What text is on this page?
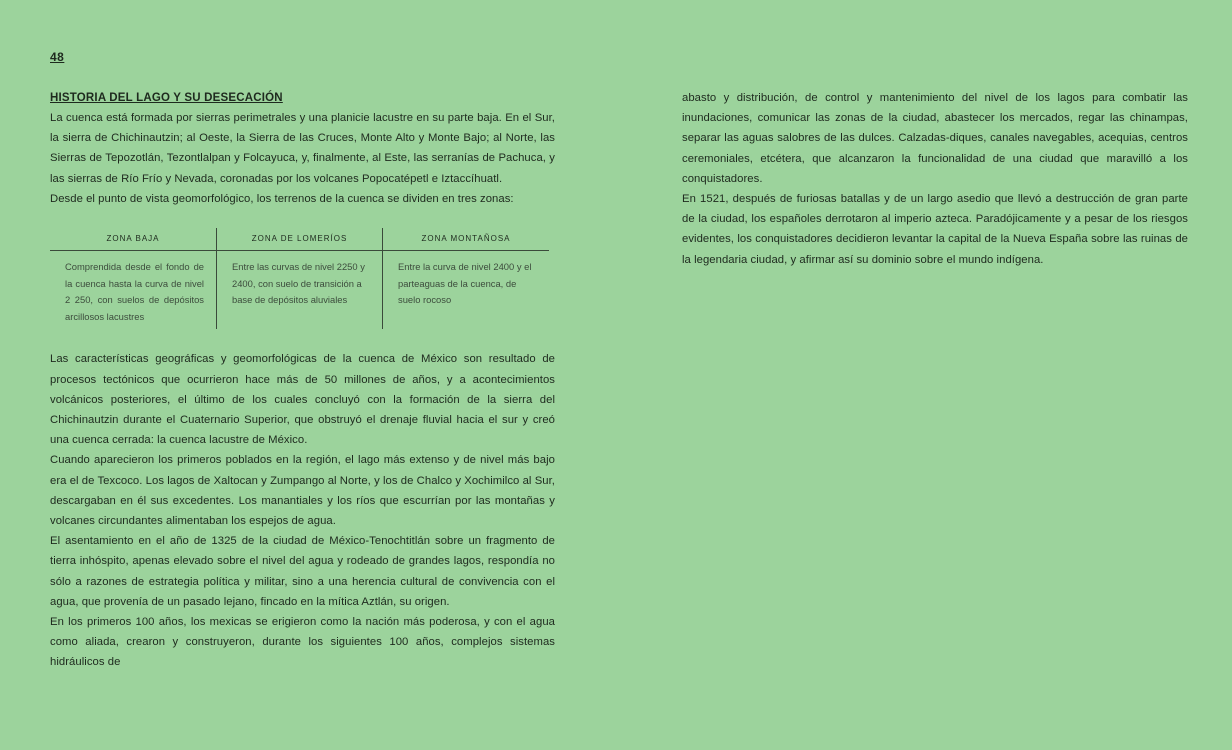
48
HISTORIA DEL LAGO Y SU DESECACIÓN

La cuenca está formada por sierras perimetrales y una planicie lacustre en su parte baja. En el Sur, la sierra de Chichinautzin; al Oeste, la Sierra de las Cruces, Monte Alto y Monte Bajo; al Norte, las Sierras de Tepozotlán, Tezontlalpan y Folcayuca, y, finalmente, al Este, las serranías de Pachuca, y las sierras de Río Frío y Nevada, coronadas por los volcanes Popocatépetl e Iztaccíhuatl.

Desde el punto de vista geomorfológico, los terrenos de la cuenca se dividen en tres zonas:

ZONA BAJA	ZONA DE LOMERÍOS	ZONA MONTAÑOSA
Comprendida desde el fondo de la cuenca hasta la curva de nivel 2 250, con suelos de depósitos arcillosos lacustres
Entre las curvas de nivel 2250 y 2400, con suelo de transición a base de depósitos aluviales
Entre la curva de nivel 2400 y el parteaguas de la cuenca, de suelo rocoso

Las características geográficas y geomorfológicas de la cuenca de México son resultado de procesos tectónicos que ocurrieron hace más de 50 millones de años, y a acontecimientos volcánicos posteriores, el último de los cuales concluyó con la formación de la sierra del Chichinautzin durante el Cuaternario Superior, que obstruyó el drenaje fluvial hacia el sur y creó una cuenca cerrada: la cuenca lacustre de México.

Cuando aparecieron los primeros poblados en la región, el lago más extenso y de nivel más bajo era el de Texcoco. Los lagos de Xaltocan y Zumpango al Norte, y los de Chalco y Xochimilco al Sur, descargaban en él sus excedentes. Los manantiales y los ríos que escurrían por las montañas y volcanes circundantes alimentaban los espejos de agua.

El asentamiento en el año de 1325 de la ciudad de México-Tenochtitlán sobre un fragmento de tierra inhóspito, apenas elevado sobre el nivel del agua y rodeado de grandes lagos, respondía no sólo a razones de estrategia política y militar, sino a una herencia cultural de convivencia con el agua, que provenía de un pasado lejano, fincado en la mítica Aztlán, su origen.

En los primeros 100 años, los mexicas se erigieron como la nación más poderosa, y con el agua como aliada, crearon y construyeron, durante los siguientes 100 años, complejos sistemas hidráulicos de

abasto y distribución, de control y mantenimiento del nivel de los lagos para combatir las inundaciones, comunicar las zonas de la ciudad, abastecer los mercados, regar las chinampas, separar las aguas salobres de las dulces. Calzadas-diques, canales navegables, acequias, centros ceremoniales, etcétera, que alcanzaron la funcionalidad de una ciudad que maravilló a los conquistadores.

En 1521, después de furiosas batallas y de un largo asedio que llevó a destrucción de gran parte de la ciudad, los españoles derrotaron al imperio azteca. Paradójicamente y a pesar de los riesgos evidentes, los conquistadores decidieron levantar la capital de la Nueva España sobre las ruinas de la legendaria ciudad, y afirmar así su dominio sobre el mundo indígena.
